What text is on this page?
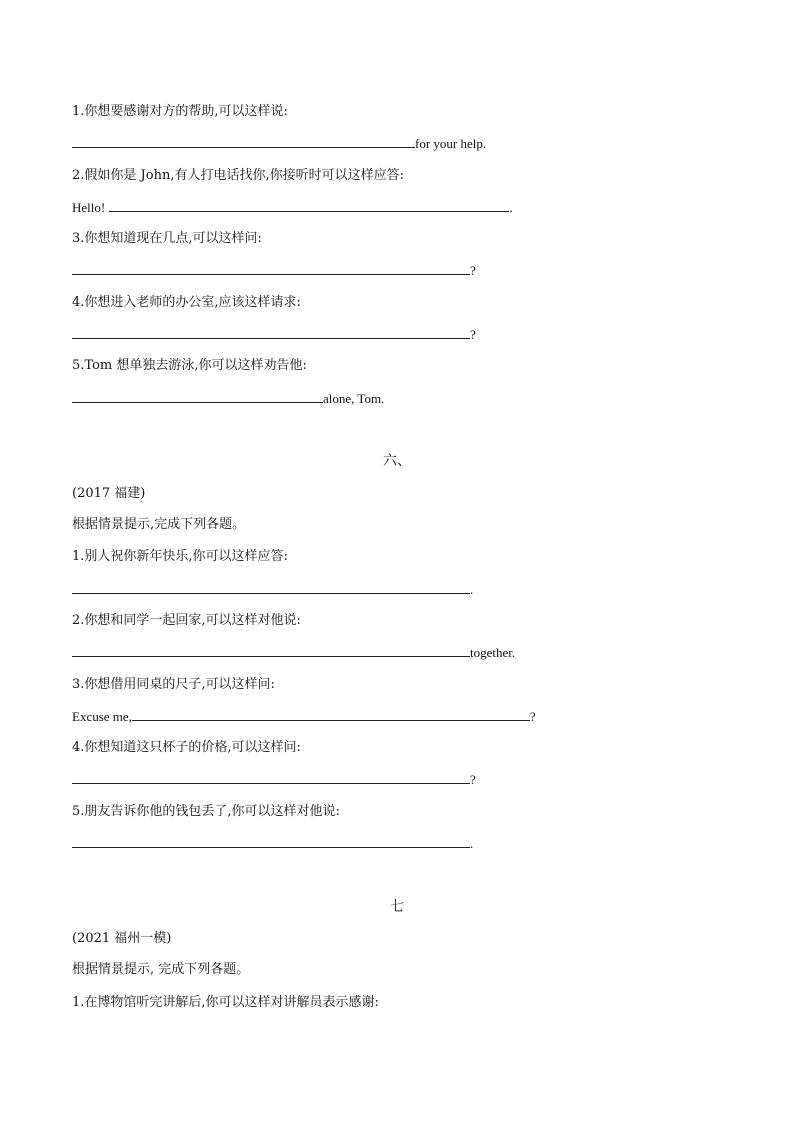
1.你想要感谢对方的帮助,可以这样说:
for your help.
2.假如你是 John,有人打电话找你,你接听时可以这样应答:
Hello!	.
3.你想知道现在几点,可以这样问:
?
4.你想进入老师的办公室,应该这样请求:
?
5.Tom 想单独去游泳,你可以这样劝告他:
alone, Tom.
六、
(2017 福建)
根据情景提示,完成下列各题。
1.别人祝你新年快乐,你可以这样应答:
.
2.你想和同学一起回家,可以这样对他说:
together.
3.你想借用同桌的尺子,可以这样问:
Excuse me,	?
4.你想知道这只杯子的价格,可以这样问:
?
5.朋友告诉你他的钱包丢了,你可以这样对他说:
.
七
(2021 福州一模)
根据情景提示, 完成下列各题。
1.在博物馆听完讲解后,你可以这样对讲解员表示感谢:
